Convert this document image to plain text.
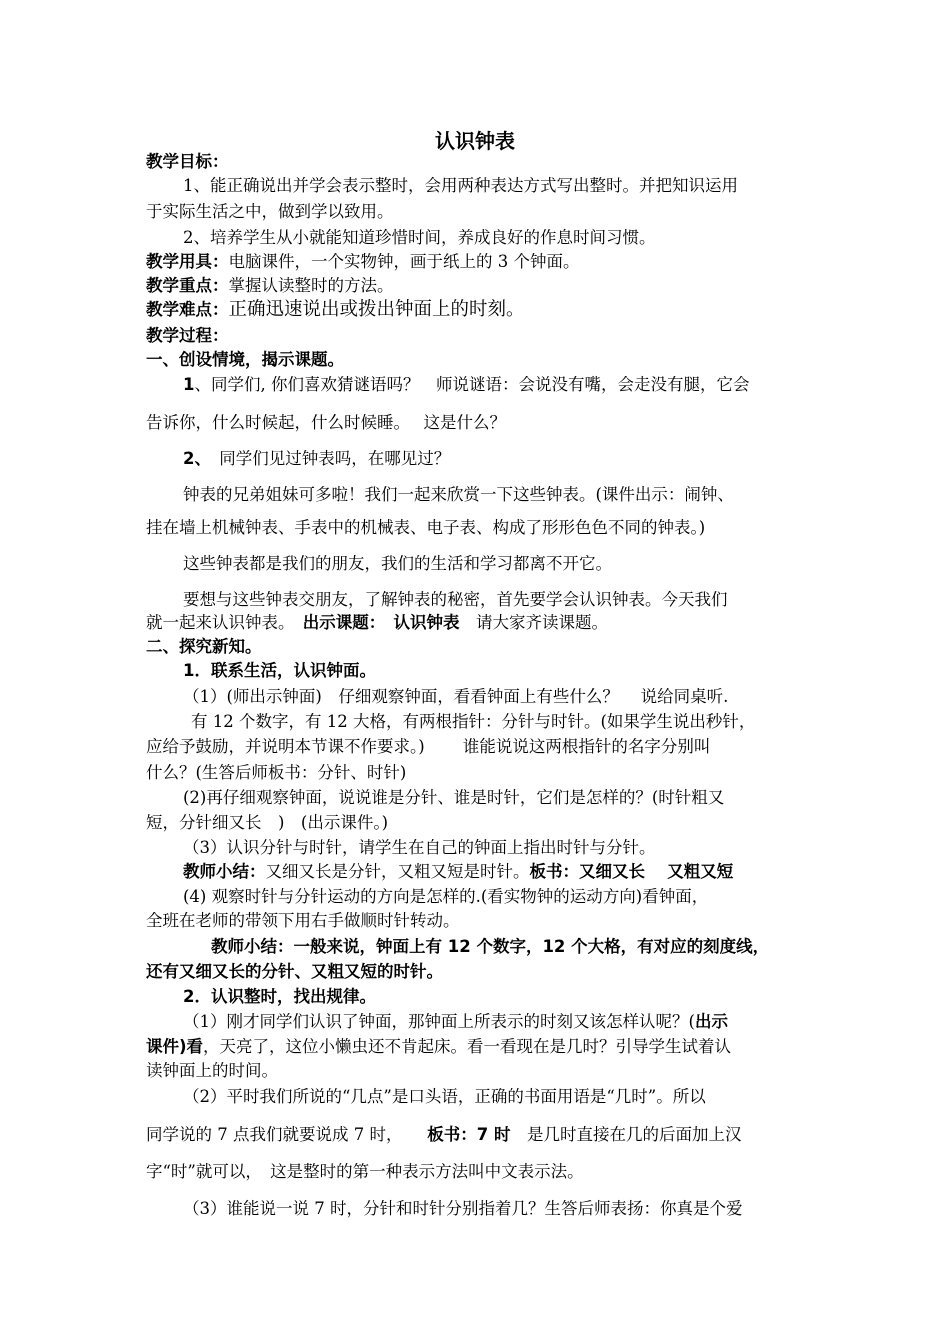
认识钟表
教学目标：
1、能正确说出并学会表示整时，会用两种表达方式写出整时。并把知识运用
于实际生活之中，做到学以致用。
2、培养学生从小就能知道珍惜时间，养成良好的作息时间习惯。
教学用具：电脑课件，一个实物钟，画于纸上的 3 个钟面。
教学重点：掌握认读整时的方法。
教学难点：正确迅速说出或拨出钟面上的时刻。
教学过程：
一、创设情境，揭示课题。
1、同学们, 你们喜欢猜谜语吗？　师说谜语：会说没有嘴，会走没有腿，它会
告诉你，什么时候起，什么时候睡。　 这是什么？
2、　同学们见过钟表吗，在哪见过？
钟表的兄弟姐妹可多啦！我们一起来欣赏一下这些钟表。(课件出示：闹钟、
挂在墙上机械钟表、手表中的机械表、电子表、构成了形形色色不同的钟表。)
这些钟表都是我们的朋友，我们的生活和学习都离不开它。
要想与这些钟表交朋友，了解钟表的秘密，首先要学会认识钟表。今天我们
就一起来认识钟表。　 出示课题：　认识钟表　请大家齐读课题。
二、探究新知。
1．联系生活，认识钟面。
（1）(师出示钟面)　仔细观察钟面，看看钟面上有些什么？　 说给同桌听.
有 12 个数字，有 12 大格，有两根指针：分针与时针。(如果学生说出秒针，
应给予鼓励，并说明本节课不作要求。)　　 谁能说说这两根指针的名字分别叫
什么？(生答后师板书：分针、时针)
(2)再仔细观察钟面，说说谁是分针、谁是时针，它们是怎样的？(时针粗又
短，分针细又长　)　(出示课件。)
（3）认识分针与时针，请学生在自己的钟面上指出时针与分针。
教师小结：又细又长是分针，又粗又短是时针。板书：又细又长　 又粗又短
(4) 观察时针与分针运动的方向是怎样的.(看实物钟的运动方向)看钟面，
全班在老师的带领下用右手做顺时针转动。
教师小结：一般来说，钟面上有 12 个数字，12 个大格，有对应的刻度线，
还有又细又长的分针、又粗又短的时针。
2．认识整时，找出规律。
（1）刚才同学们认识了钟面，那钟面上所表示的时刻又该怎样认呢？(出示
课件)看，天亮了，这位小懒虫还不肯起床。看一看现在是几时？引导学生试着认
读钟面上的时间。
（2）平时我们所说的“几点”是口头语，正确的书面用语是“几时”。所以
同学说的 7 点我们就要说成 7 时，　　 板书：7 时　 是几时直接在几的后面加上汉
字“时”就可以，　这是整时的第一种表示方法叫中文表示法。
（3）谁能说一说 7 时，分针和时针分别指着几？生答后师表扬：你真是个爱
